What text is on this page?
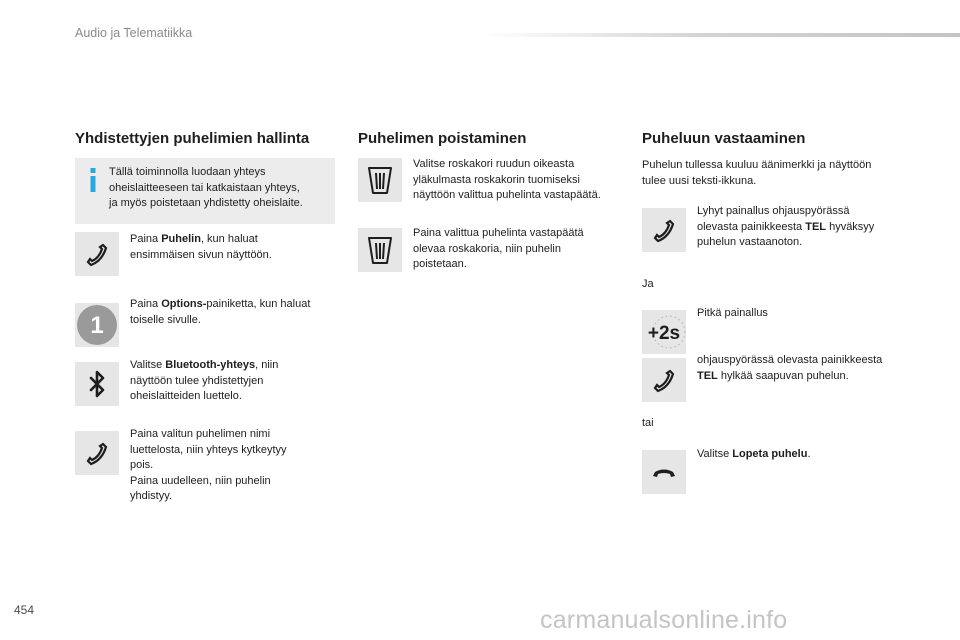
Audio ja Telematiikka
Yhdistettyjen puhelimien hallinta
Tällä toiminnolla luodaan yhteys
oheislaitteeseen tai katkaistaan yhteys,
ja myös poistetaan yhdistetty oheislaite.
Paina Puhelin, kun haluat
ensimmäisen sivun näyttöön.
1
Paina Options-painiketta, kun haluat
toiselle sivulle.
Valitse Bluetooth-yhteys, niin
näyttöön tulee yhdistettyjen
oheislaitteiden luettelo.
Paina valitun puhelimen nimi
luettelosta, niin yhteys kytkeytyy
pois.
Paina uudelleen, niin puhelin
yhdistyy.
Puhelimen poistaminen
Valitse roskakori ruudun oikeasta
yläkulmasta roskakorin tuomiseksi
näyttöön valittua puhelinta vastapäätä.
Paina valittua puhelinta vastapäätä
olevaa roskakoria, niin puhelin
poistetaan.
Puheluun vastaaminen
Puhelun tullessa kuuluu äänimerkki ja näyttöön
tulee uusi teksti-ikkuna.
Lyhyt painallus ohjauspyörässä
olevasta painikkeesta TEL hyväksyy
puhelun vastaanoton.
Ja
+2s
Pitkä painallus
ohjauspyörässä olevasta painikkeesta
TEL hylkää saapuvan puhelun.
tai
Valitse Lopeta puhelu.
454	carmanualsonline.info
